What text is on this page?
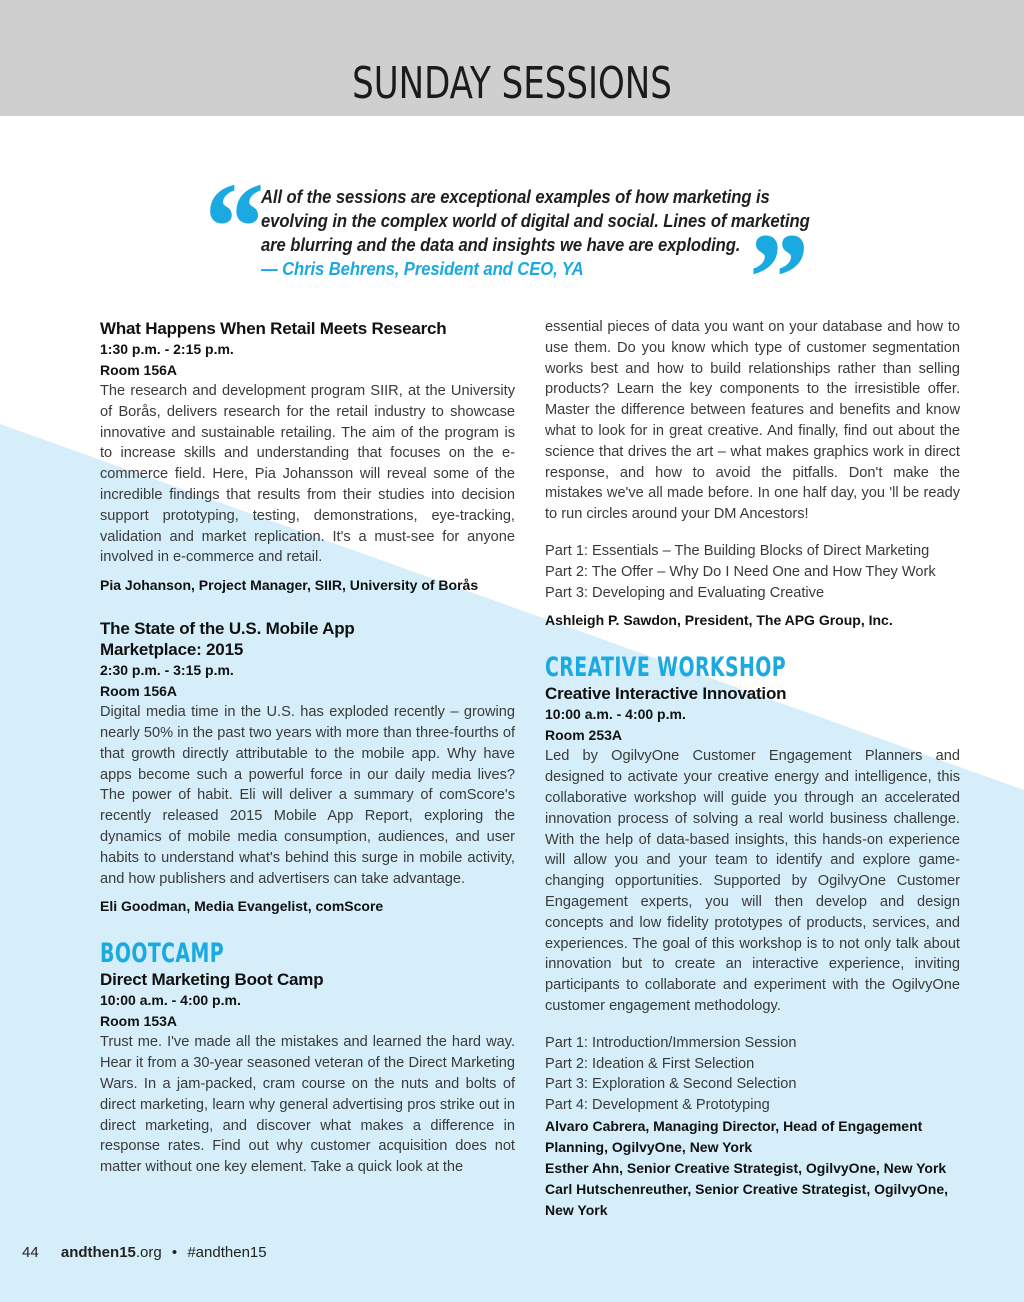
SUNDAY SESSIONS
“	”
All of the sessions are exceptional examples of how marketing is
evolving in the complex world of digital and social. Lines of marketing
are blurring and the data and insights we have are exploding.
— Chris Behrens, President and CEO, YA

What Happens When Retail Meets Research

1:30 p.m. - 2:15 p.m.

Room 156A

The research and development program SIIR, at the University of Borås, delivers research for the retail industry to showcase innovative and sustainable retailing. The aim of the program is to increase skills and understanding that focuses on the e-commerce field. Here, Pia Johansson will reveal some of the incredible findings that results from their studies into decision support prototyping, testing, demonstrations, eye-tracking, validation and market replication. It's a must-see for anyone involved in e-commerce and retail.

Pia Johanson, Project Manager, SIIR, University of Borås

The State of the U.S. Mobile App
Marketplace: 2015

2:30 p.m. - 3:15 p.m.

Room 156A

Digital media time in the U.S. has exploded recently – growing nearly 50% in the past two years with more than three-fourths of that growth directly attributable to the mobile app. Why have apps become such a powerful force in our daily media lives? The power of habit. Eli will deliver a summary of comScore's recently released 2015 Mobile App Report, exploring the dynamics of mobile media consumption, audiences, and user habits to understand what's behind this surge in mobile activity, and how publishers and advertisers can take advantage.

Eli Goodman, Media Evangelist, comScore

BOOTCAMP

Direct Marketing Boot Camp

10:00 a.m. - 4:00 p.m.

Room 153A

Trust me. I've made all the mistakes and learned the hard way. Hear it from a 30-year seasoned veteran of the Direct Marketing Wars. In a jam-packed, cram course on the nuts and bolts of direct marketing, learn why general advertising pros strike out in direct marketing, and discover what makes a difference in response rates. Find out why customer acquisition does not matter without one key element. Take a quick look at the

essential pieces of data you want on your database and how to use them. Do you know which type of customer segmentation works best and how to build relationships rather than selling products? Learn the key components to the irresistible offer. Master the difference between features and benefits and know what to look for in great creative. And finally, find out about the science that drives the art – what makes graphics work in direct response, and how to avoid the pitfalls. Don't make the mistakes we've all made before. In one half day, you 'll be ready to run circles around your DM Ancestors!

Part 1: Essentials – The Building Blocks of Direct Marketing

Part 2: The Offer – Why Do I Need One and How They Work

Part 3: Developing and Evaluating Creative

Ashleigh P. Sawdon, President, The APG Group, Inc.

CREATIVE WORKSHOP

Creative Interactive Innovation

10:00 a.m. - 4:00 p.m.

Room 253A

Led by OgilvyOne Customer Engagement Planners and designed to activate your creative energy and intelligence, this collaborative workshop will guide you through an accelerated innovation process of solving a real world business challenge. With the help of data-based insights, this hands-on experience will allow you and your team to identify and explore game-changing opportunities. Supported by OgilvyOne Customer Engagement experts, you will then develop and design concepts and low fidelity prototypes of products, services, and experiences. The goal of this workshop is to not only talk about innovation but to create an interactive experience, inviting participants to collaborate and experiment with the OgilvyOne customer engagement methodology.

Part 1: Introduction/Immersion Session

Part 2: Ideation & First Selection

Part 3: Exploration & Second Selection

Part 4: Development & Prototyping

Alvaro Cabrera, Managing Director, Head of Engagement Planning, OgilvyOne, New York

Esther Ahn, Senior Creative Strategist, OgilvyOne, New York

Carl Hutschenreuther, Senior Creative Strategist, OgilvyOne, New York

44 andthen15.org • #andthen15
